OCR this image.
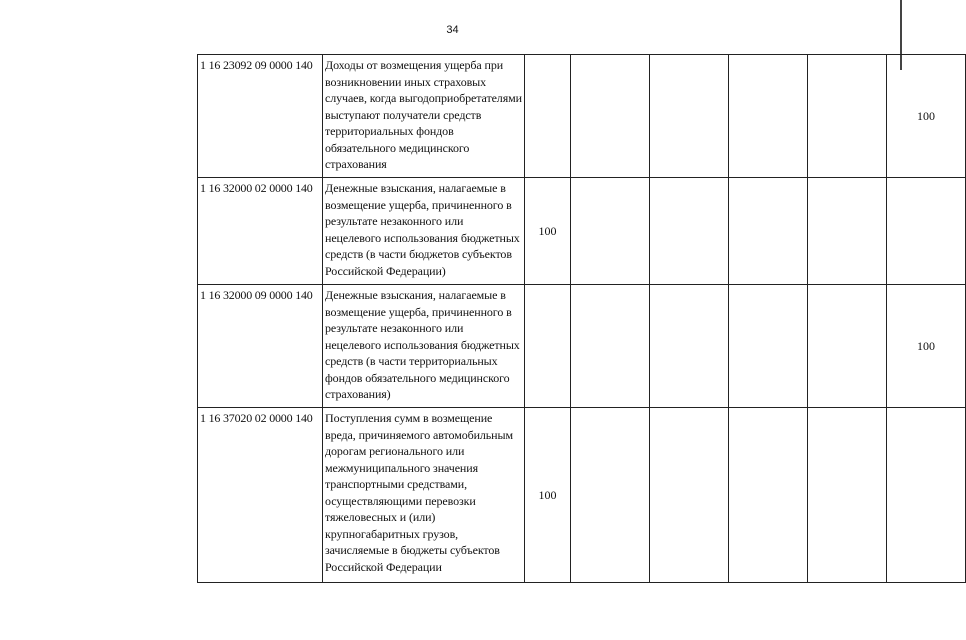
34
1 16 23092 09 0000 140	Доходы от возмещения ущерба при возникновении иных страховых случаев, когда выгодоприобретателями выступают получатели средств территориальных фондов обязательного медицинского страхования						100
1 16 32000 02 0000 140	Денежные взыскания, налагаемые в возмещение ущерба, причиненного в результате незаконного или нецелевого использования бюджетных средств (в части бюджетов субъектов Российской Федерации)	100					
1 16 32000 09 0000 140	Денежные взыскания, налагаемые в возмещение ущерба, причиненного в результате незаконного или нецелевого использования бюджетных средств (в части территориальных фондов обязательного медицинского страхования)						100
1 16 37020 02 0000 140	Поступления сумм в возмещение вреда, причиняемого автомобильным дорогам регионального или межмуниципального значения транспортными средствами, осуществляющими перевозки тяжеловесных и (или) крупногабаритных грузов, зачисляемые в бюджеты субъектов Российской Федерации	100					
